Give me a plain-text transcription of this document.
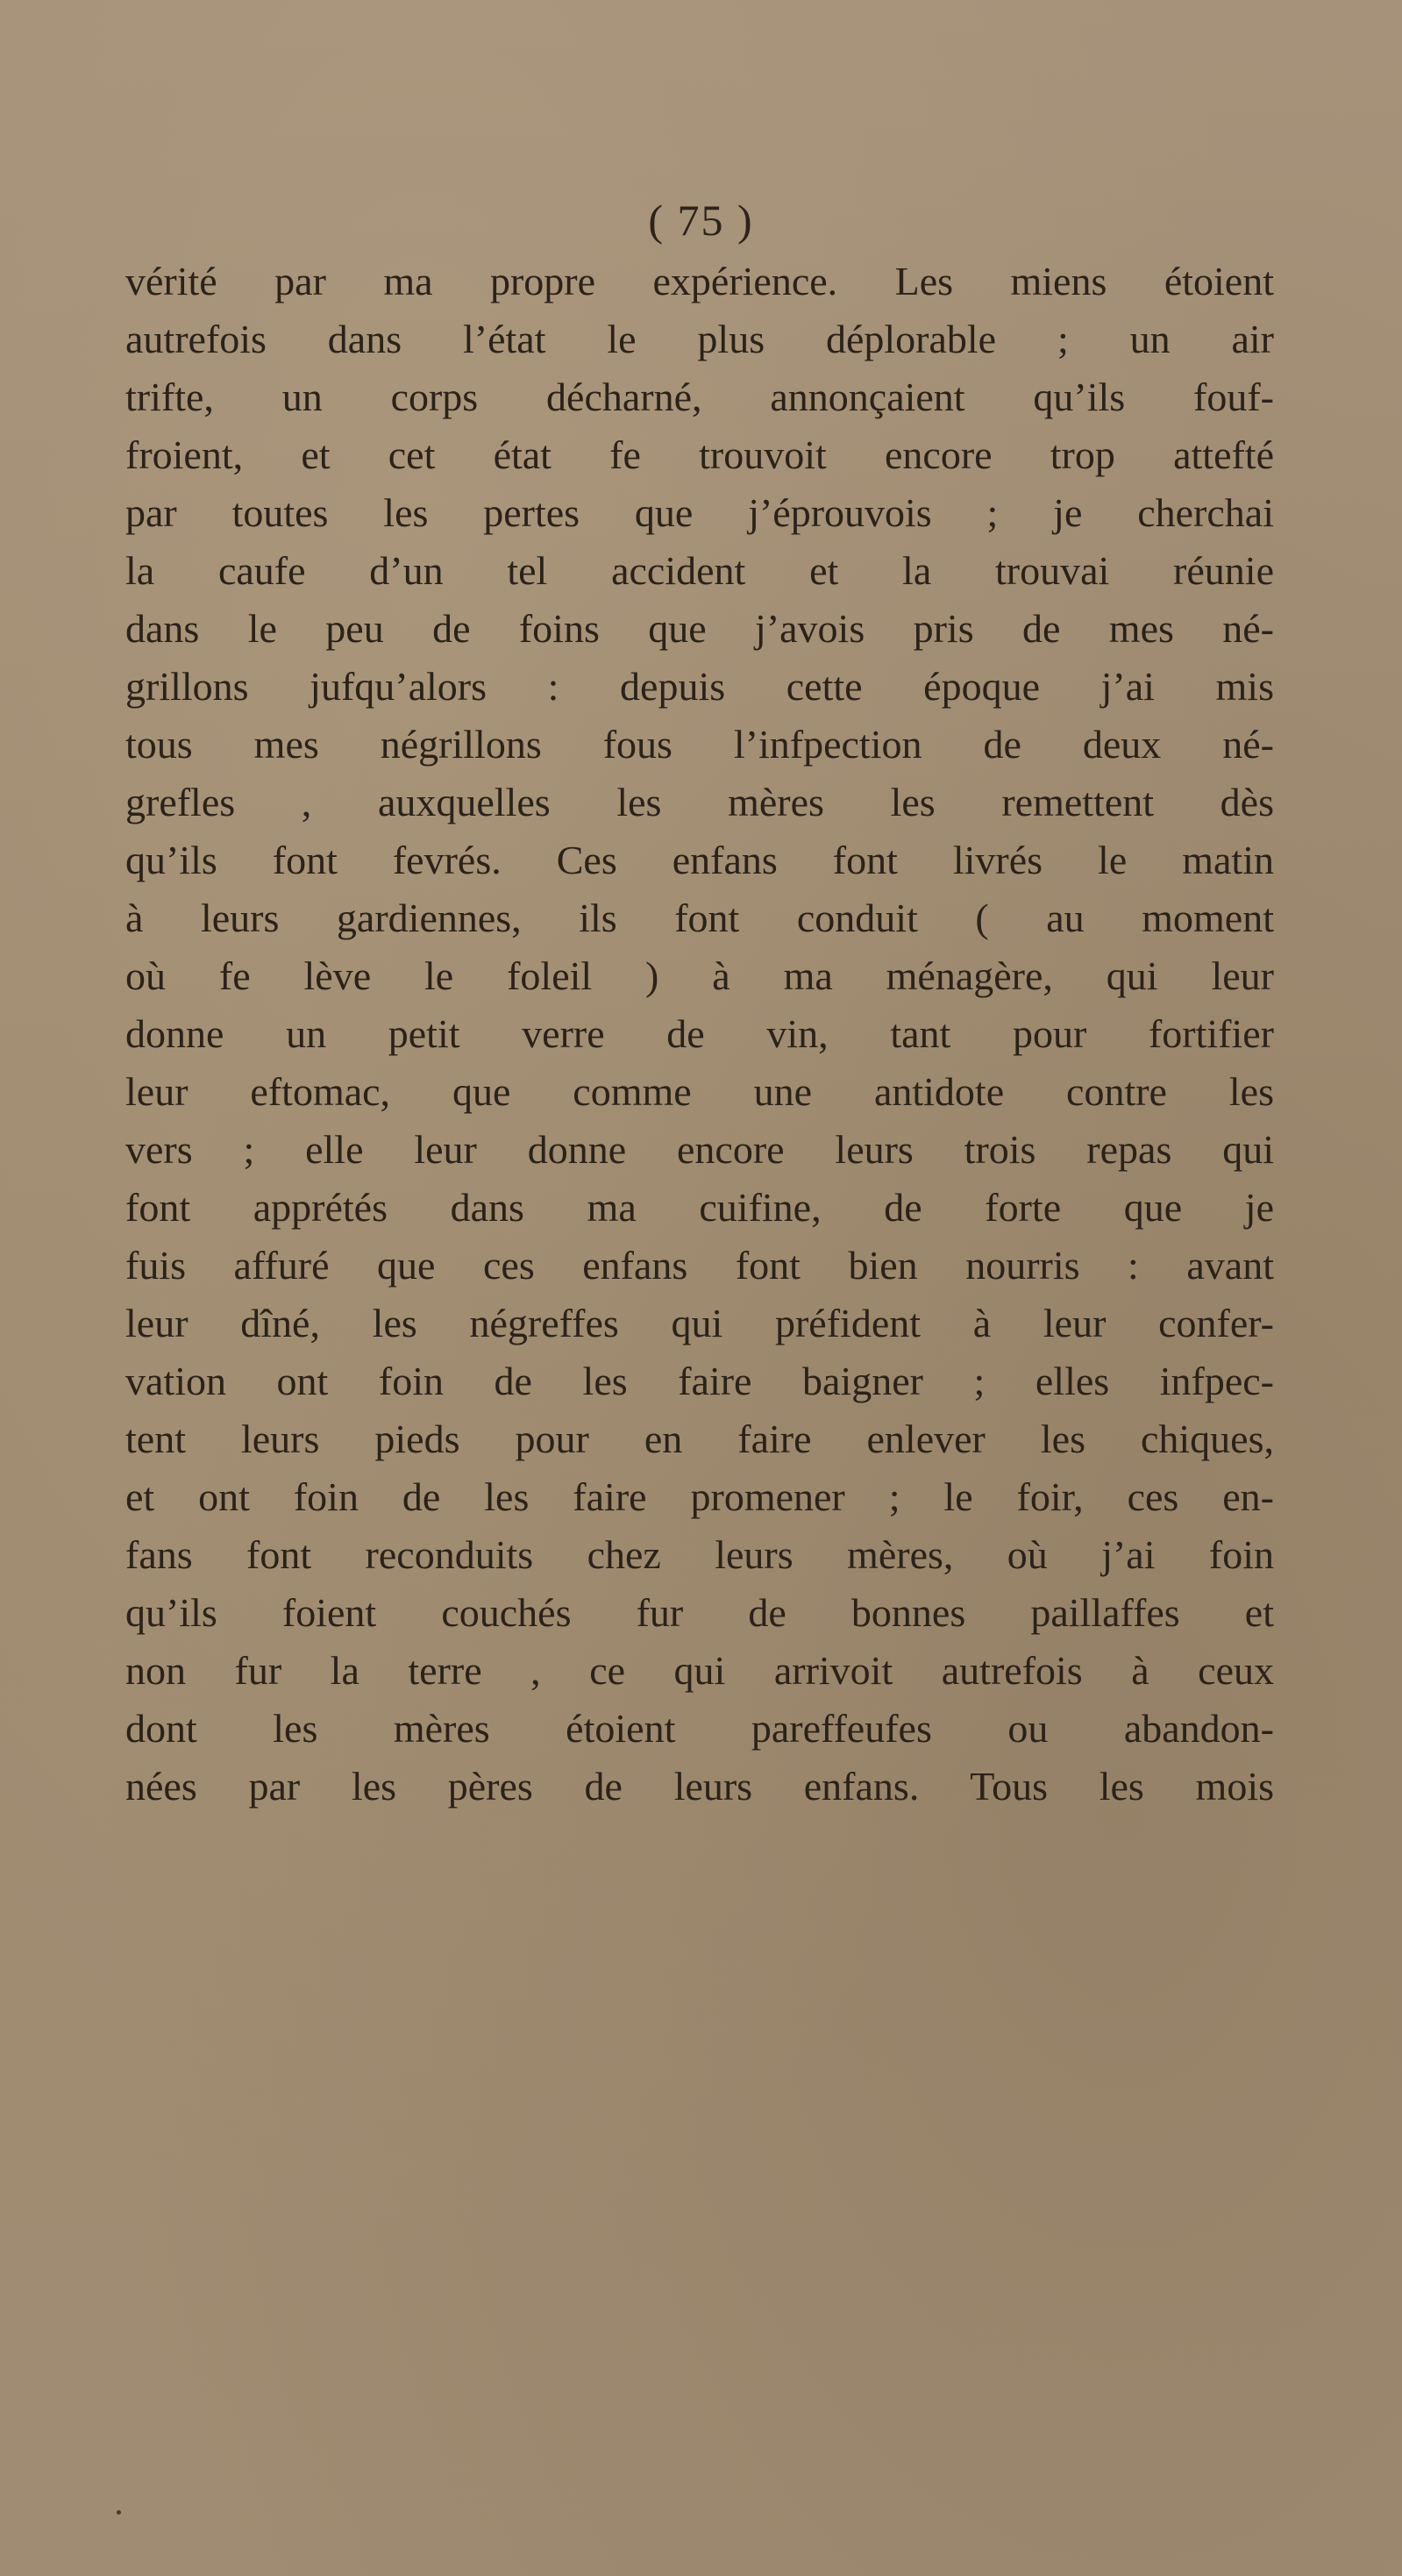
( 75 )
vérité par ma propre expérience. Les miens étoient
autrefois dans l’état le plus déplorable ; un air
trifte, un corps décharné, annonçaient qu’ils fouf-
froient, et cet état fe trouvoit encore trop attefté
par toutes les pertes que j’éprouvois ; je cherchai
la caufe d’un tel accident et la trouvai réunie
dans le peu de foins que j’avois pris de mes né-
grillons jufqu’alors : depuis cette époque j’ai mis
tous mes négrillons fous l’infpection de deux né-
grefles , auxquelles les mères les remettent dès
qu’ils font fevrés. Ces enfans font livrés le matin
à leurs gardiennes, ils font conduit ( au moment
où fe lève le foleil ) à ma ménagère, qui leur
donne un petit verre de vin, tant pour fortifier
leur eftomac, que comme une antidote contre les
vers ; elle leur donne encore leurs trois repas qui
font apprétés dans ma cuifine, de forte que je
fuis affuré que ces enfans font bien nourris : avant
leur dîné, les négreffes qui préfident à leur confer-
vation ont foin de les faire baigner ; elles infpec-
tent leurs pieds pour en faire enlever les chiques,
et ont foin de les faire promener ; le foir, ces en-
fans font reconduits chez leurs mères, où j’ai foin
qu’ils foient couchés fur de bonnes paillaffes et
non fur la terre , ce qui arrivoit autrefois à ceux
dont les mères étoient pareffeufes ou abandon-
nées par les pères de leurs enfans. Tous les mois
